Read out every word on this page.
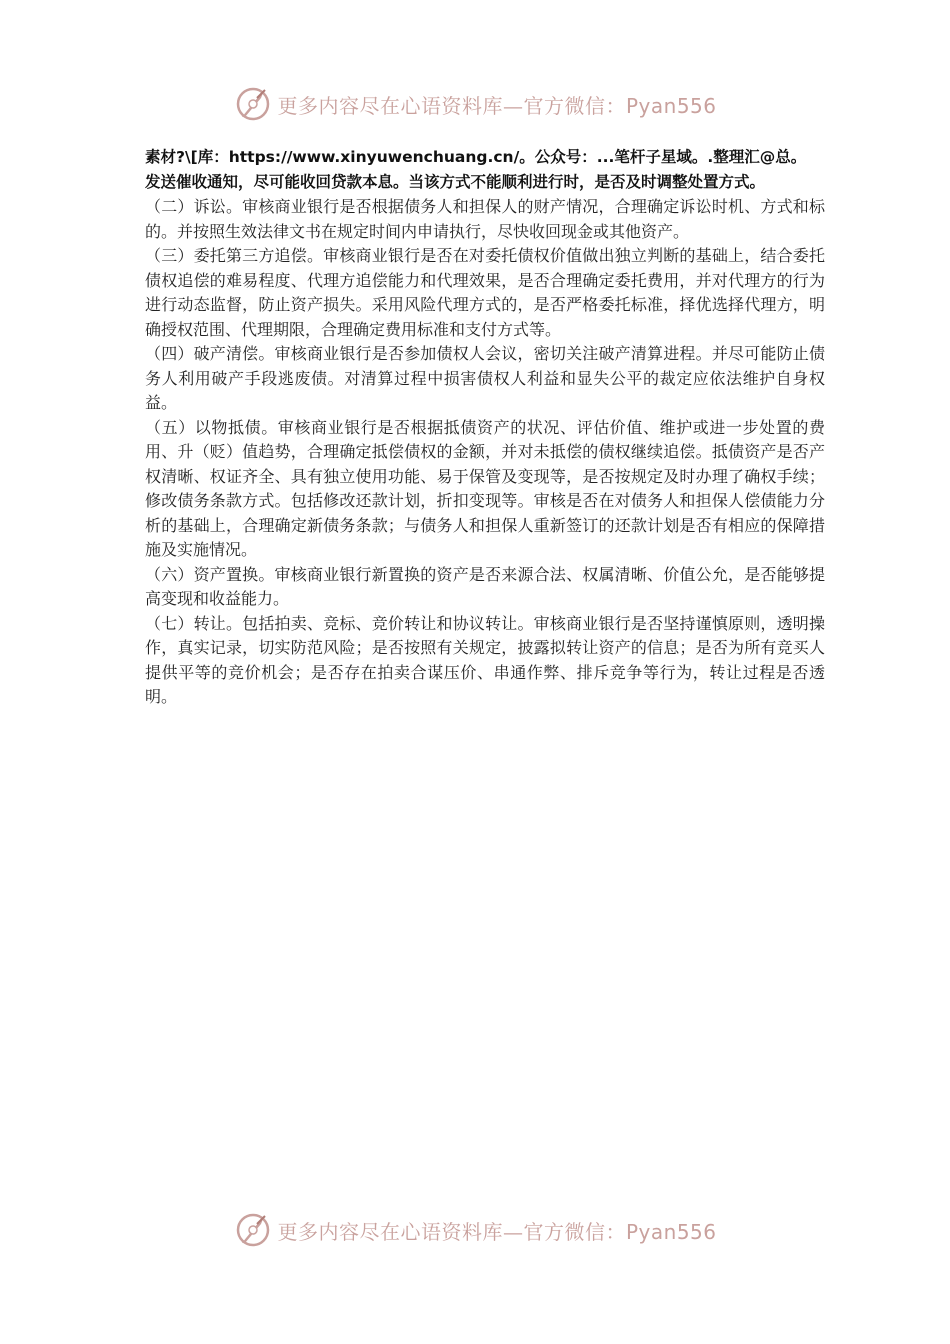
更多内容尽在心语资料库—官方微信：Pyan556

素材?\[库：https://www.xinyuwenchuang.cn/。公众号：...笔杆子星域。.整理汇@总。

发送催收通知，尽可能收回贷款本息。当该方式不能顺利进行时，是否及时调整处置方式。

（二）诉讼。审核商业银行是否根据债务人和担保人的财产情况，合理确定诉讼时机、方式和标的。并按照生效法律文书在规定时间内申请执行，尽快收回现金或其他资产。

（三）委托第三方追偿。审核商业银行是否在对委托债权价值做出独立判断的基础上，结合委托债权追偿的难易程度、代理方追偿能力和代理效果，是否合理确定委托费用，并对代理方的行为进行动态监督，防止资产损失。采用风险代理方式的，是否严格委托标准，择优选择代理方，明确授权范围、代理期限，合理确定费用标准和支付方式等。

（四）破产清偿。审核商业银行是否参加债权人会议，密切关注破产清算进程。并尽可能防止债务人利用破产手段逃废债。对清算过程中损害债权人利益和显失公平的裁定应依法维护自身权益。

（五）以物抵债。审核商业银行是否根据抵债资产的状况、评估价值、维护或进一步处置的费用、升（贬）值趋势，合理确定抵偿债权的金额，并对未抵偿的债权继续追偿。抵债资产是否产权清晰、权证齐全、具有独立使用功能、易于保管及变现等，是否按规定及时办理了确权手续；修改债务条款方式。包括修改还款计划，折扣变现等。审核是否在对债务人和担保人偿债能力分析的基础上，合理确定新债务条款；与债务人和担保人重新签订的还款计划是否有相应的保障措施及实施情况。

（六）资产置换。审核商业银行新置换的资产是否来源合法、权属清晰、价值公允，是否能够提高变现和收益能力。

（七）转让。包括拍卖、竞标、竞价转让和协议转让。审核商业银行是否坚持谨慎原则，透明操作，真实记录，切实防范风险；是否按照有关规定，披露拟转让资产的信息；是否为所有竞买人提供平等的竞价机会；是否存在拍卖合谋压价、串通作弊、排斥竞争等行为，转让过程是否透明。

更多内容尽在心语资料库—官方微信：Pyan556
